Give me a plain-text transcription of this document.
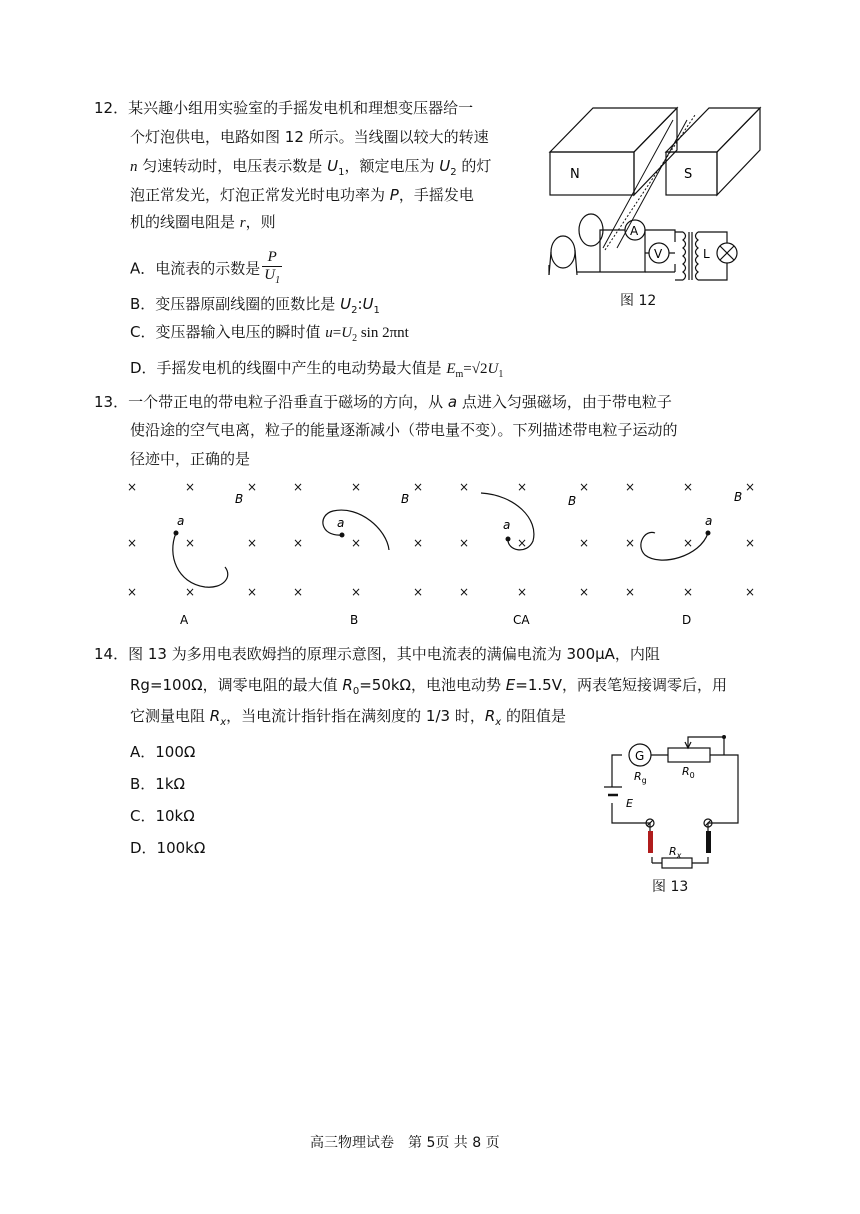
12．某兴趣小组用实验室的手摇发电机和理想变压器给一
个灯泡供电，电路如图 12 所示。当线圈以较大的转速
n 匀速转动时，电压表示数是 $U_1$，额定电压为 $U_2$ 的灯
泡正常发光，灯泡正常发光时电功率为 P，手摇发电
机的线圈电阻是 r，则
A．电流表的示数是 $\frac{P}{U_1}$
B．变压器原副线圈的匝数比是 $U_2:U_1$
C．变压器输入电压的瞬时值 $u=U_2$ sin 2πnt
D．手摇发电机的线圈中产生的电动势最大值是 $E_m=√2U_1$
N	S
A
V	L
图 12
13．一个带正电的带电粒子沿垂直于磁场的方向，从 a 点进入匀强磁场，由于带电粒子
使沿途的空气电离，粒子的能量逐渐减小（带电量不变）。下列描述带电粒子运动的
径迹中，正确的是
×	×	×
×	×	×
×	×	×
×	×	×
×	×	×
×	×	×
×	×	×
×	×	×
×	×	×
×	×	×
×	×	×
×	×	×
B
a
A
B
a
B
B
a
CA
B
a
D
14．图 13 为多用电表欧姆挡的原理示意图，其中电流表的满偏电流为 300μA，内阻
Rg=100Ω，调零电阻的最大值 $R_0=50k\Omega$，电池电动势 E=1.5V，两表笔短接调零后，用
它测量电阻 $R_x$，当电流计指针指在满刻度的 1/3 时，$R_x$ 的阻值是
A．100Ω
B．1kΩ
C．10kΩ
D．100kΩ
G
$R_g$
$R_0$
E
$R_x$
图 13
高三物理试卷　第 5页 共 8 页
